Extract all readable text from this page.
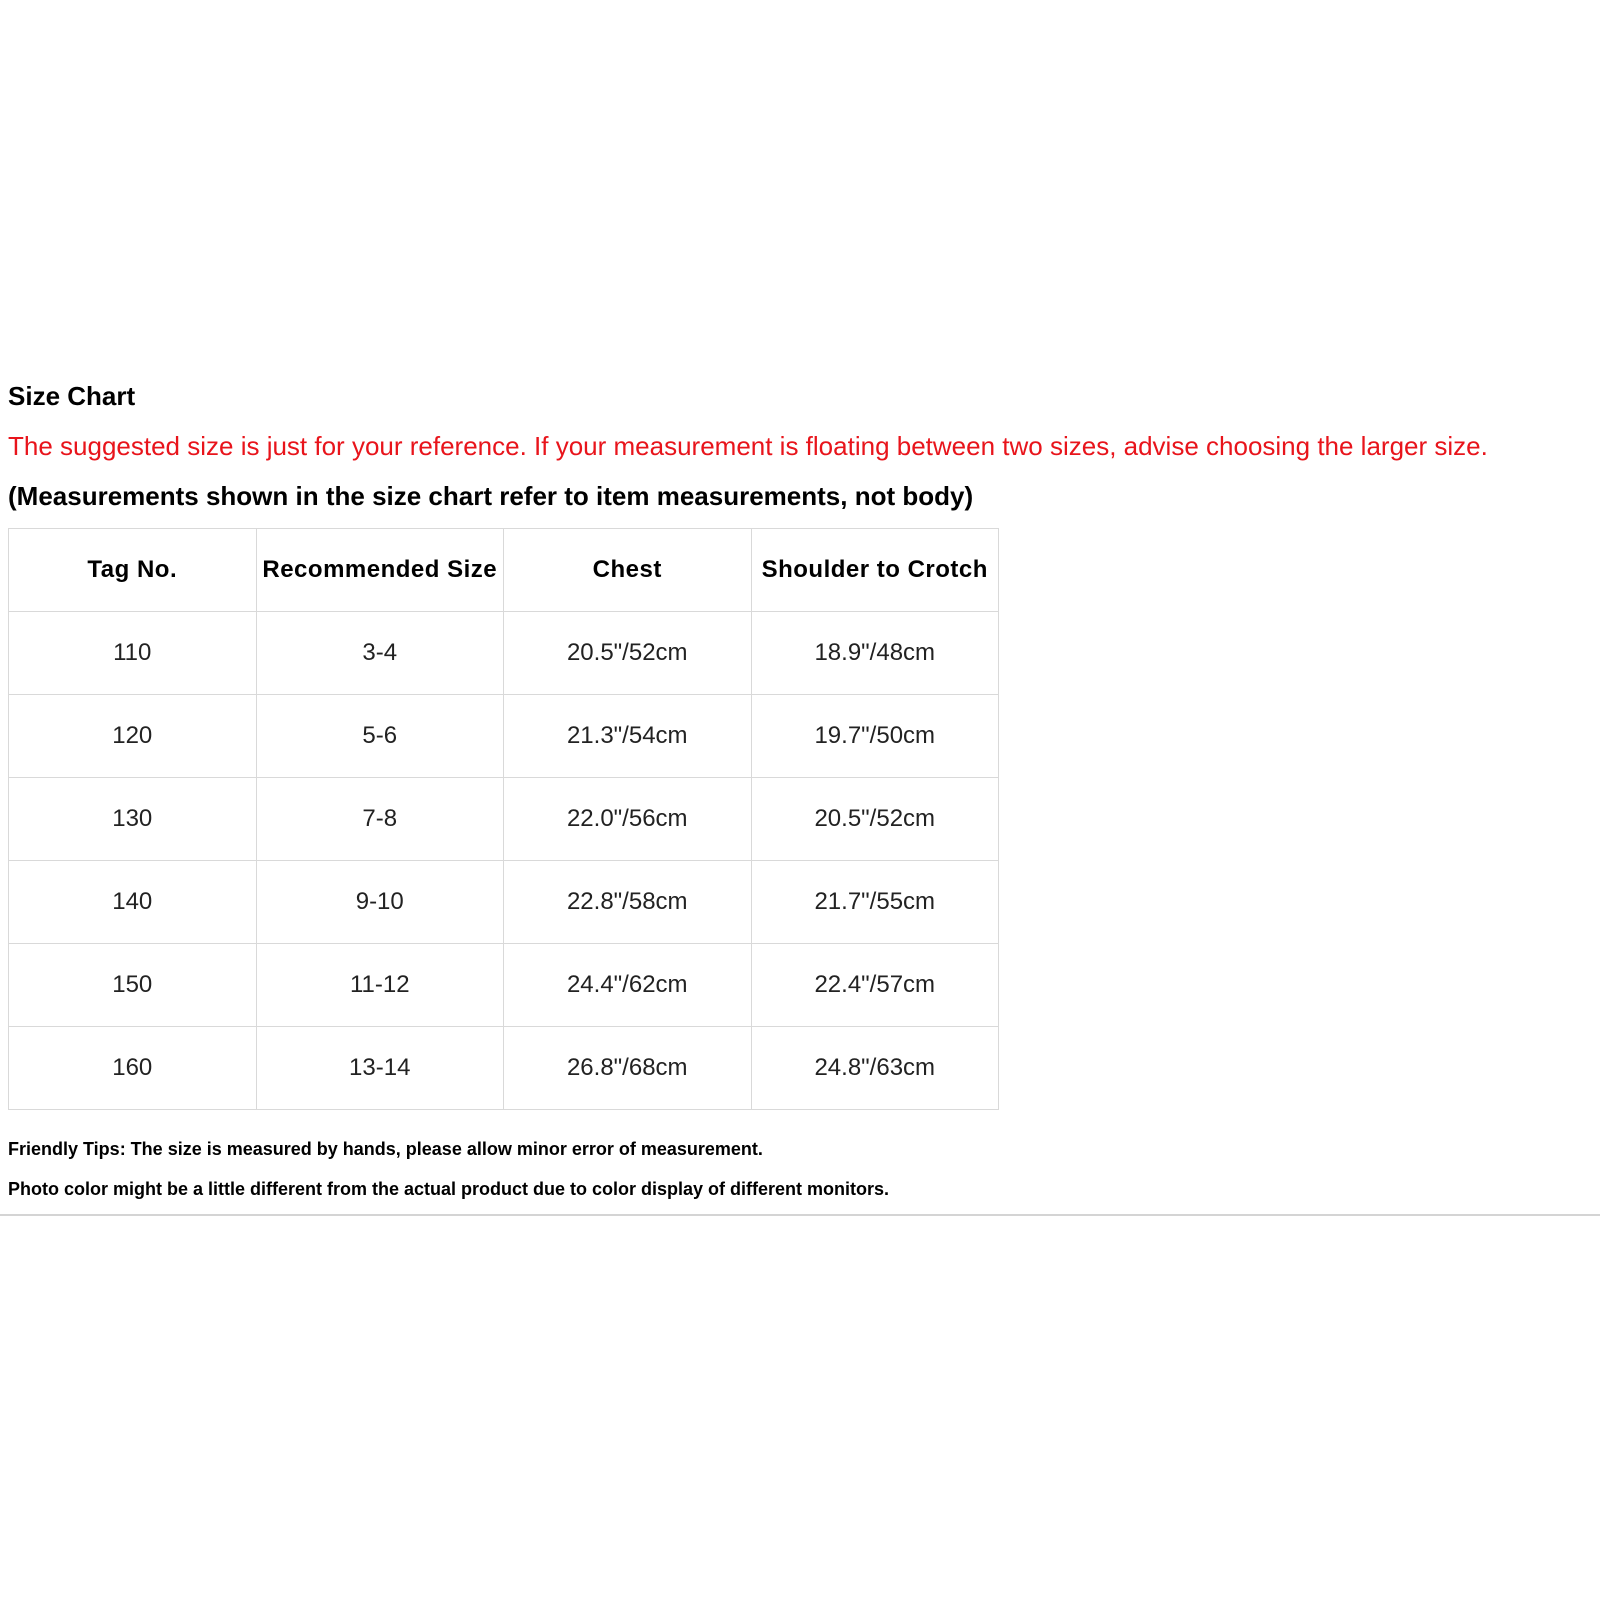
Size Chart
The suggested size is just for your reference. If your measurement is floating between two sizes, advise choosing the larger size.
(Measurements shown in the size chart refer to item measurements, not body)
Tag No.	Recommended Size	Chest	Shoulder to Crotch
110	3-4	20.5"/52cm	18.9"/48cm
120	5-6	21.3"/54cm	19.7"/50cm
130	7-8	22.0"/56cm	20.5"/52cm
140	9-10	22.8"/58cm	21.7"/55cm
150	11-12	24.4"/62cm	22.4"/57cm
160	13-14	26.8"/68cm	24.8"/63cm
Friendly Tips: The size is measured by hands, please allow minor error of measurement.
Photo color might be a little different from the actual product due to color display of different monitors.
